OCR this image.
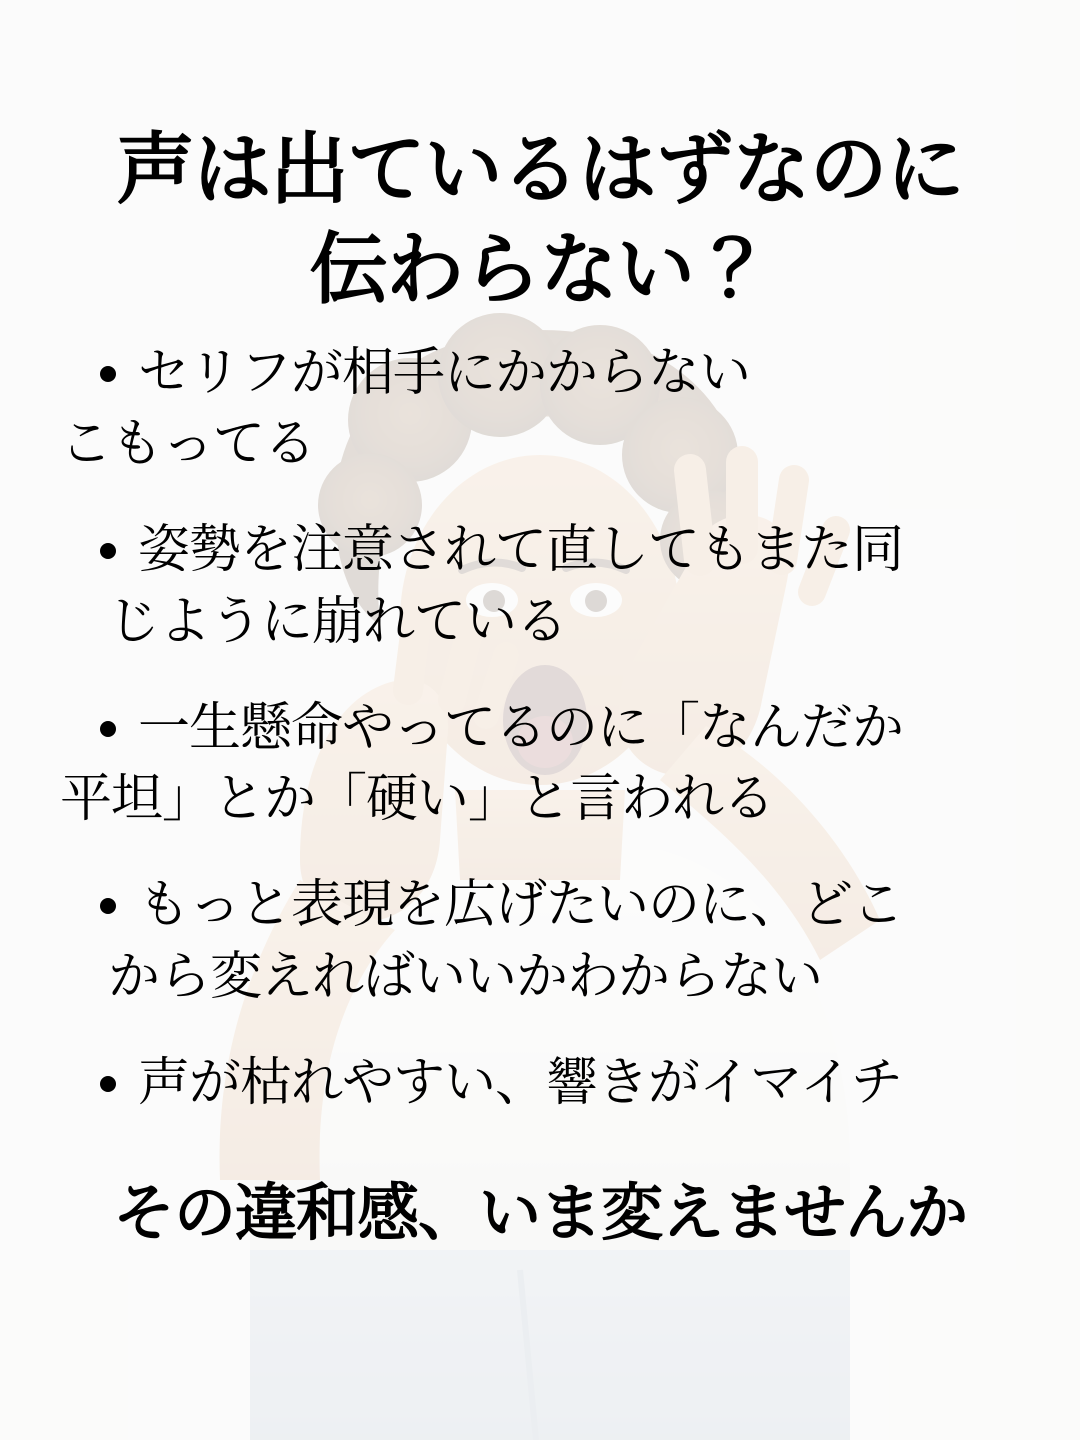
声は出ているはずなのに
伝わらない？
セリフが相手にかからない
こもってる
姿勢を注意されて直してもまた同
じように崩れている
一生懸命やってるのに「なんだか
平坦」とか「硬い」と言われる
もっと表現を広げたいのに、どこ
から変えればいいかわからない
声が枯れやすい、響きがイマイチ
その違和感、いま変えませんか
